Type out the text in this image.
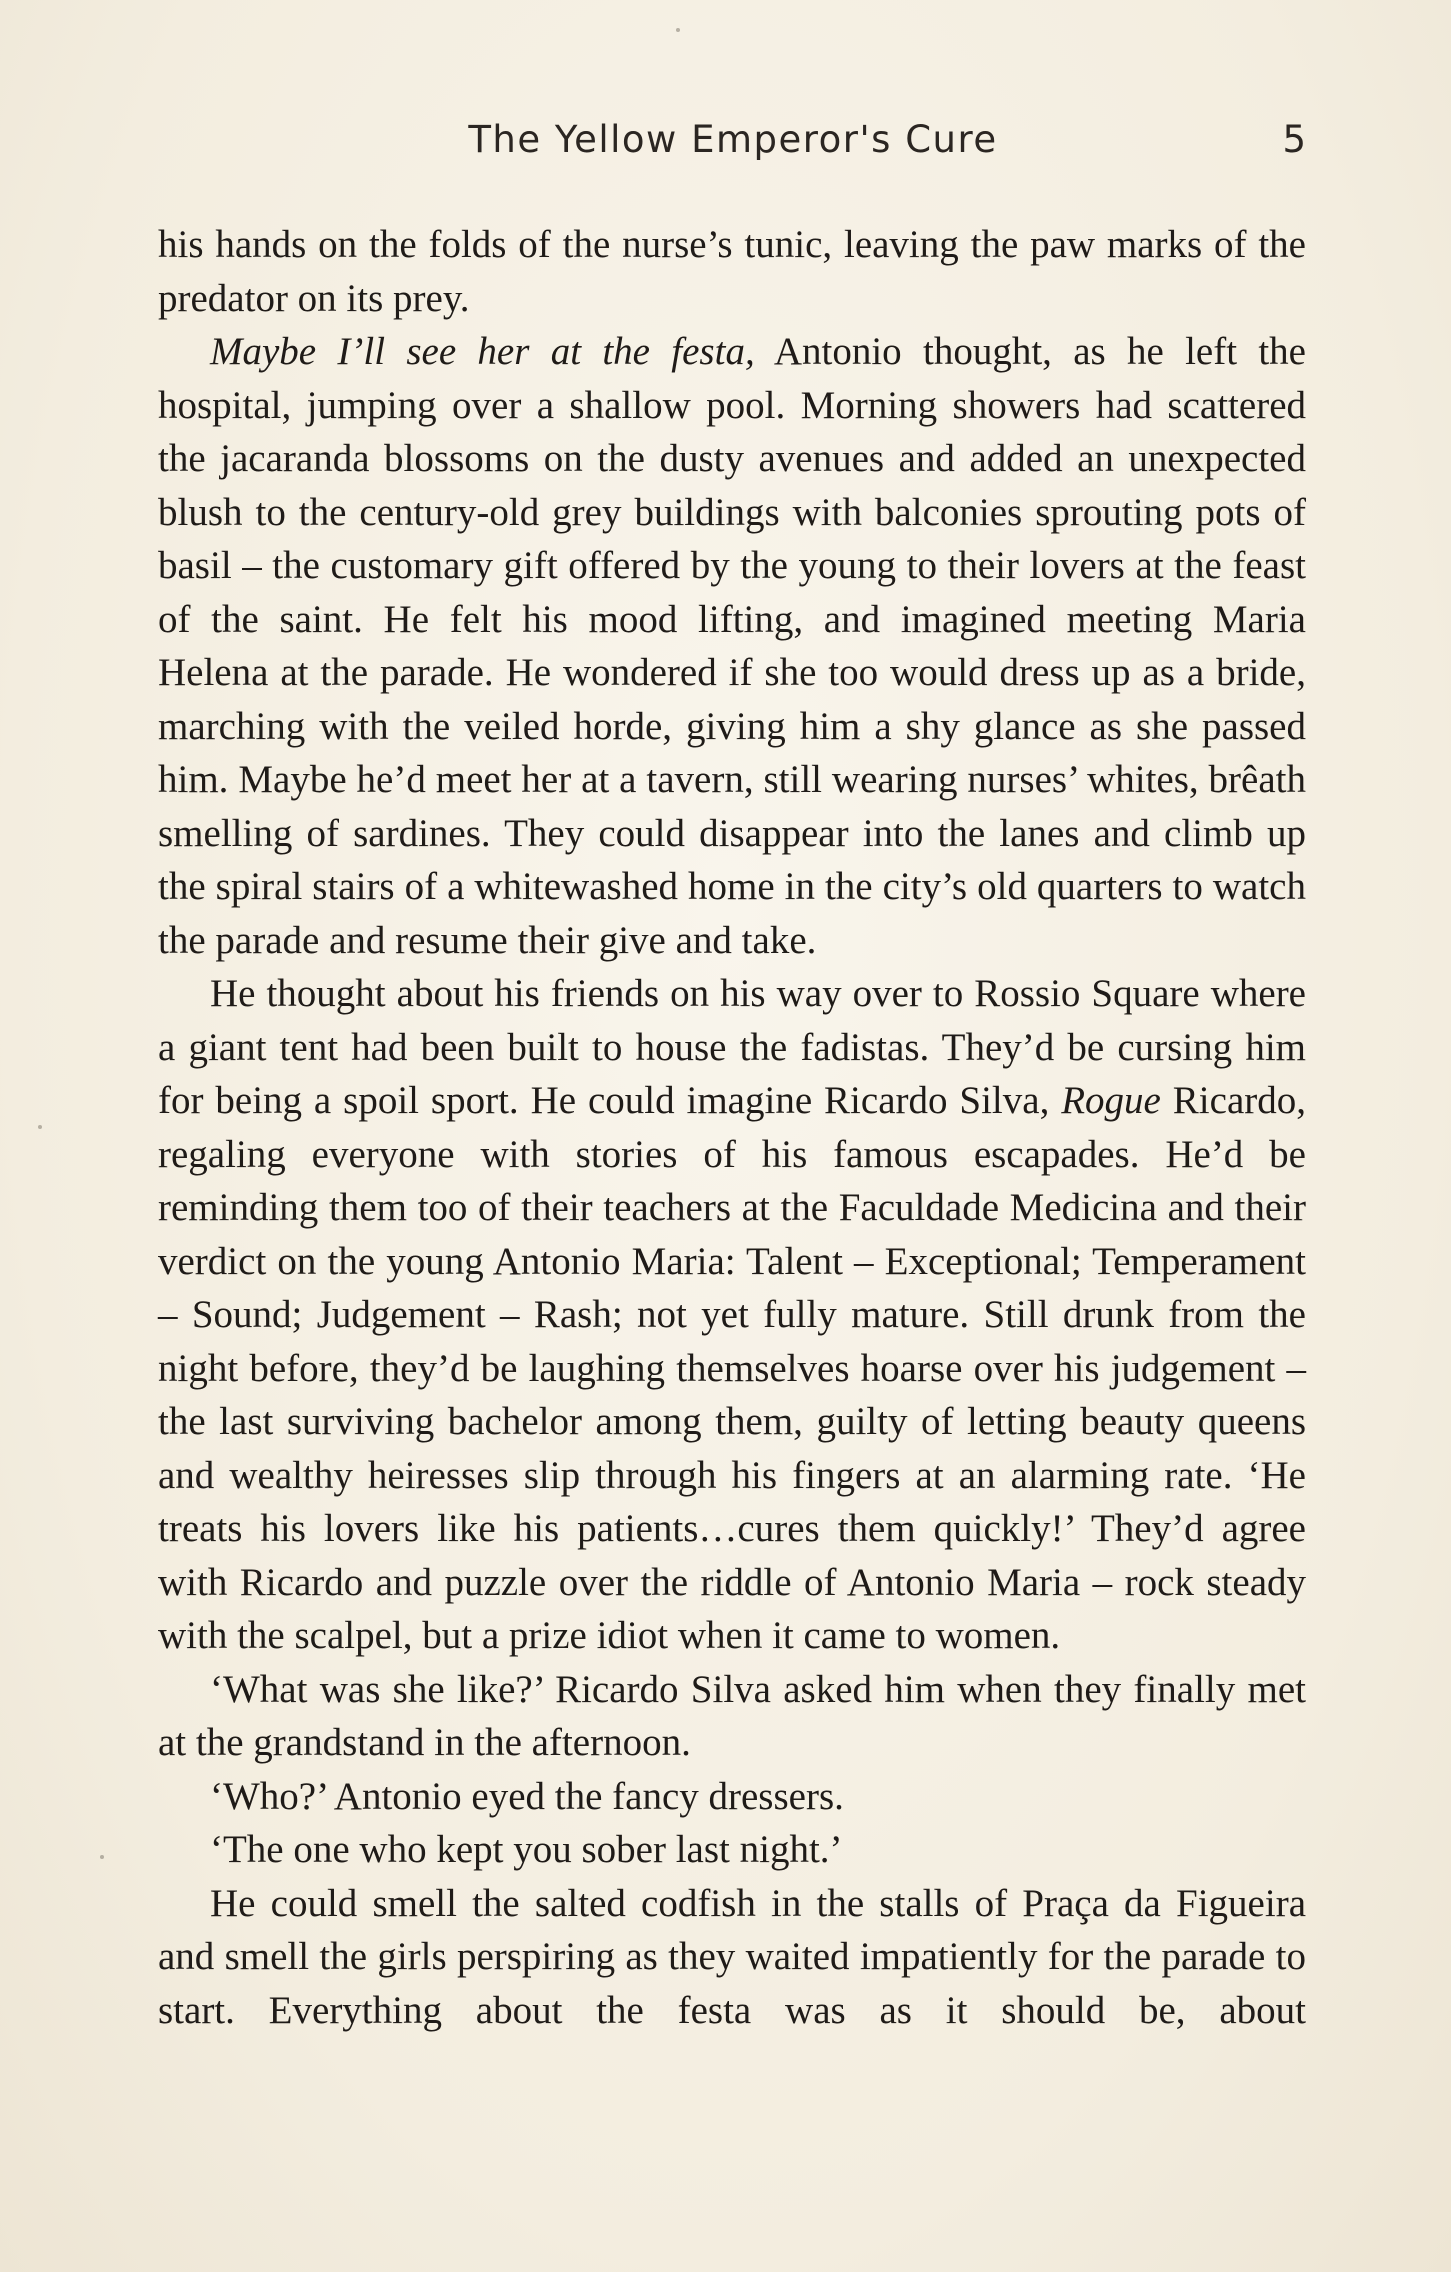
The Yellow Emperor's Cure	5

his hands on the folds of the nurse’s tunic, leaving the paw marks of the predator on its prey.

Maybe I’ll see her at the festa, Antonio thought, as he left the hospital, jumping over a shallow pool. Morning showers had scattered the jacaranda blossoms on the dusty avenues and added an unexpected blush to the century-old grey buildings with balconies sprouting pots of basil – the customary gift offered by the young to their lovers at the feast of the saint. He felt his mood lifting, and imagined meeting Maria Helena at the parade. He wondered if she too would dress up as a bride, marching with the veiled horde, giving him a shy glance as she passed him. Maybe he’d meet her at a tavern, still wearing nurses’ whites, brêath smelling of sardines. They could disappear into the lanes and climb up the spiral stairs of a whitewashed home in the city’s old quarters to watch the parade and resume their give and take.

He thought about his friends on his way over to Rossio Square where a giant tent had been built to house the fadistas. They’d be cursing him for being a spoil sport. He could imagine Ricardo Silva, Rogue Ricardo, regaling everyone with stories of his famous escapades. He’d be reminding them too of their teachers at the Faculdade Medicina and their verdict on the young Antonio Maria: Talent – Exceptional; Temperament – Sound; Judgement – Rash; not yet fully mature. Still drunk from the night before, they’d be laughing themselves hoarse over his judgement – the last surviving bachelor among them, guilty of letting beauty queens and wealthy heiresses slip through his fingers at an alarming rate. ‘He treats his lovers like his patients…cures them quickly!’ They’d agree with Ricardo and puzzle over the riddle of Antonio Maria – rock steady with the scalpel, but a prize idiot when it came to women.

‘What was she like?’ Ricardo Silva asked him when they finally met at the grandstand in the afternoon.

‘Who?’ Antonio eyed the fancy dressers.

‘The one who kept you sober last night.’

He could smell the salted codfish in the stalls of Praça da Figueira and smell the girls perspiring as they waited impatiently for the parade to start. Everything about the festa was as it should be, about
